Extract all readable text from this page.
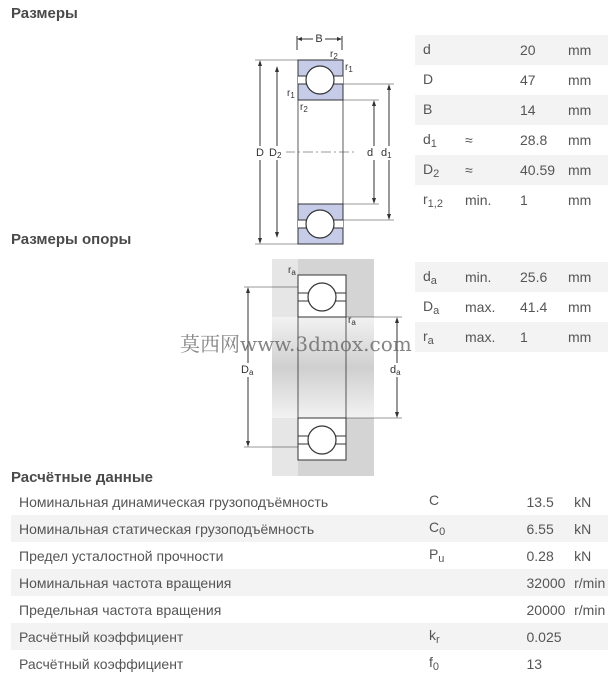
Размеры
Размеры опоры
Расчётные данные
B
$r_2$
$r_1$
$r_1$
$r_2$
D D2	d d1
$r_a$
$r_a$
Da	da
d		20	mm
D		47	mm
B		14	mm
$d_1$	≈	28.8	mm
$D_2$	≈	40.59	mm
$r_{1,2}$	min.	1	mm
$d_a$	min.	25.6	mm
$D_a$	max.	41.4	mm
$r_a$	max.	1	mm
Номинальная динамическая грузоподъёмность	C	13.5	kN
Номинальная статическая грузоподъёмность	$C_0$	6.55	kN
Предел усталостной прочности	$P_u$	0.28	kN
Номинальная частота вращения		32000	r/min
Предельная частота вращения		20000	r/min
Расчётный коэффициент	$k_r$	0.025	
Расчётный коэффициент	$f_0$	13	
莫西网www.3dmox.com
